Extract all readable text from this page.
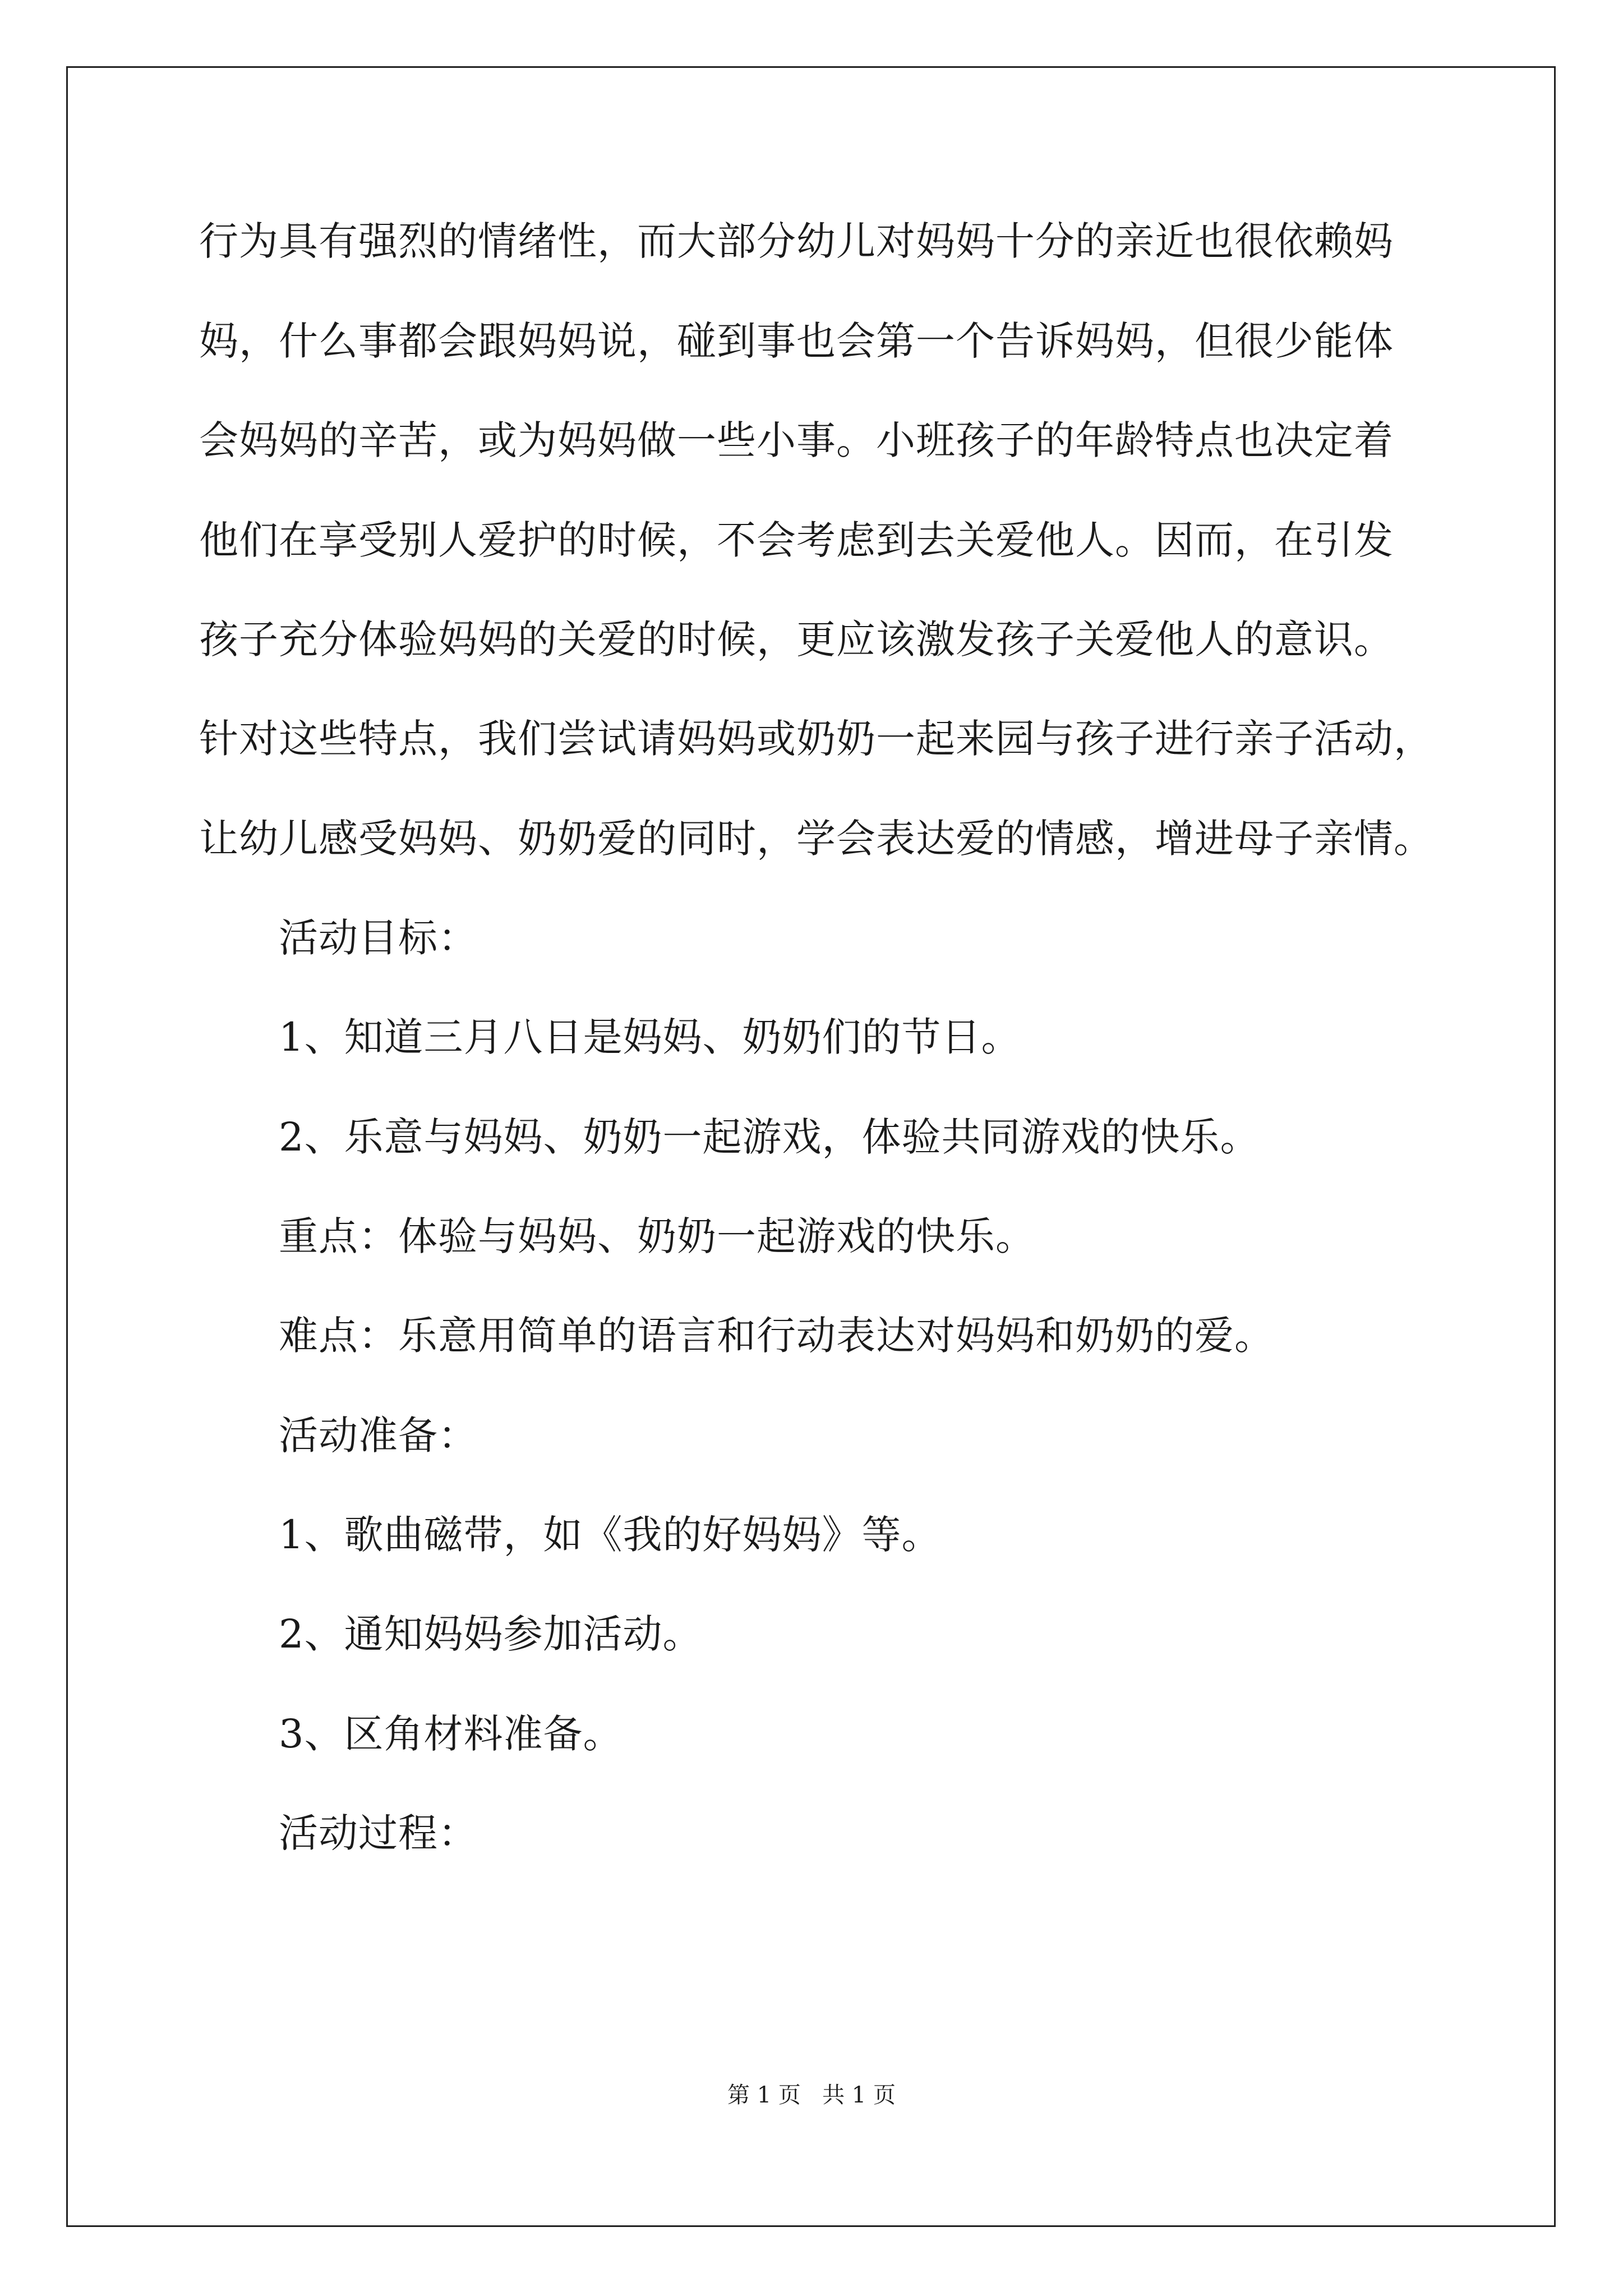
行为具有强烈的情绪性，而大部分幼儿对妈妈十分的亲近也很依赖妈
妈，什么事都会跟妈妈说，碰到事也会第一个告诉妈妈，但很少能体
会妈妈的辛苦，或为妈妈做一些小事。小班孩子的年龄特点也决定着
他们在享受别人爱护的时候，不会考虑到去关爱他人。因而，在引发
孩子充分体验妈妈的关爱的时候，更应该激发孩子关爱他人的意识。
针对这些特点，我们尝试请妈妈或奶奶一起来园与孩子进行亲子活动，
让幼儿感受妈妈、奶奶爱的同时，学会表达爱的情感，增进母子亲情。
活动目标：
1、知道三月八日是妈妈、奶奶们的节日。
2、乐意与妈妈、奶奶一起游戏，体验共同游戏的快乐。
重点：体验与妈妈、奶奶一起游戏的快乐。
难点：乐意用简单的语言和行动表达对妈妈和奶奶的爱。
活动准备：
1、歌曲磁带，如《我的好妈妈》等。
2、通知妈妈参加活动。
3、区角材料准备。
活动过程：
第 1 页   共 1 页
